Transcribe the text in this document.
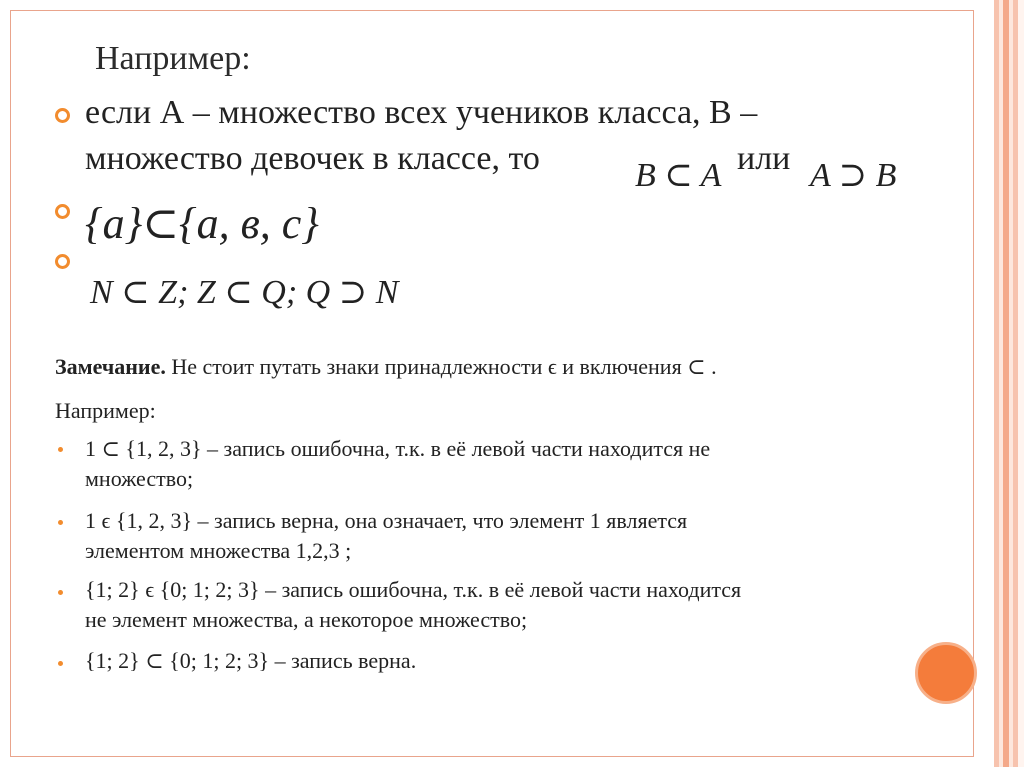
Например:

если А – множество всех учеников класса, В –

множество девочек в классе, то	B ⊂ A или A ⊃ B

{a}⊂{a, в, c}

N ⊂ Z; Z ⊂ Q; Q ⊃ N

Замечание. Не стоит путать знаки принадлежности ϵ и включения ⊂ .

Например:

1 ⊂ {1, 2, 3} – запись ошибочна, т.к. в её левой части находится не

множество;

1 ϵ {1, 2, 3} – запись верна, она означает, что элемент 1 является

элементом множества 1,2,3 ;

{1; 2} ϵ {0; 1; 2; 3} – запись ошибочна, т.к. в её левой части находится

не элемент множества, а некоторое множество;

{1; 2} ⊂ {0; 1; 2; 3} – запись верна.
